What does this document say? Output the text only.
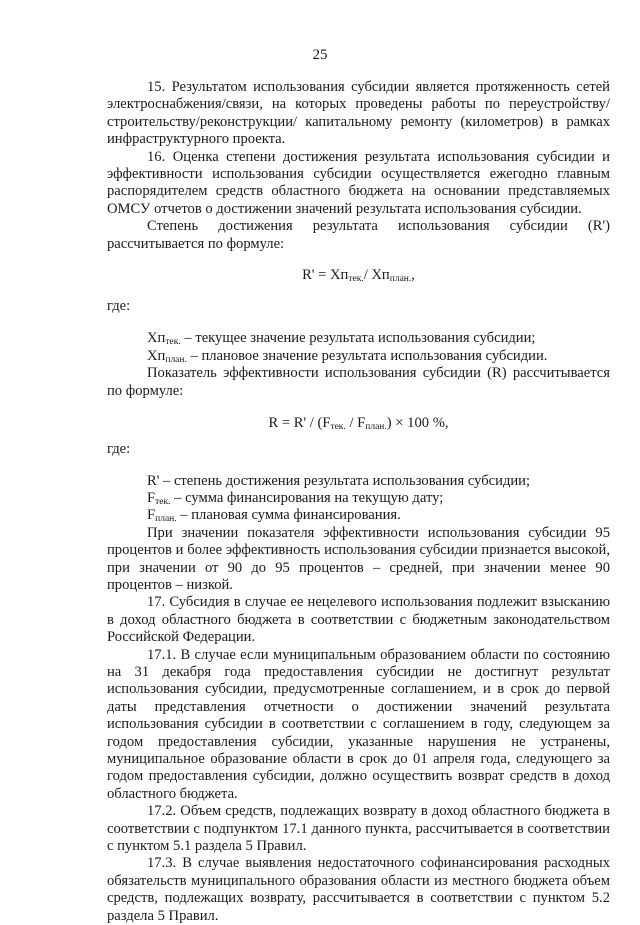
25

15. Результатом использования субсидии является протяженность сетей электроснабжения/связи, на которых проведены работы по переустройству/строительству/реконструкции/ капитальному ремонту (километров) в рамках инфраструктурного проекта.

16. Оценка степени достижения результата использования субсидии и эффективности использования субсидии осуществляется ежегодно главным распорядителем средств областного бюджета на основании представляемых ОМСУ отчетов о достижении значений результата использования субсидии.

Степень достижения результата использования субсидии (R') рассчитывается по формуле:

$R' = Xп_{тек.}/$ $Xп_{план.}$,

где:

$Xп_{тек.}$ – текущее значение результата использования субсидии;

$Xп_{план.}$ – плановое значение результата использования субсидии.

Показатель эффективности использования субсидии (R) рассчитывается по формуле:

$R = R' / (F_{тек.} / F_{план.}) \times 100$ %,

где:

R' – степень достижения результата использования субсидии;

$F_{тек.}$ – сумма финансирования на текущую дату;

$F_{план.}$ – плановая сумма финансирования.

При значении показателя эффективности использования субсидии 95 процентов и более эффективность использования субсидии признается высокой, при значении от 90 до 95 процентов – средней, при значении менее 90 процентов – низкой.

17. Субсидия в случае ее нецелевого использования подлежит взысканию в доход областного бюджета в соответствии с бюджетным законодательством Российской Федерации.

17.1. В случае если муниципальным образованием области по состоянию на 31 декабря года предоставления субсидии не достигнут результат использования субсидии, предусмотренные соглашением, и в срок до первой даты представления отчетности о достижении значений результата использования субсидии в соответствии с соглашением в году, следующем за годом предоставления субсидии, указанные нарушения не устранены, муниципальное образование области в срок до 01 апреля года, следующего за годом предоставления субсидии, должно осуществить возврат средств в доход областного бюджета.

17.2. Объем средств, подлежащих возврату в доход областного бюджета в соответствии с подпунктом 17.1 данного пункта, рассчитывается в соответствии с пунктом 5.1 раздела 5 Правил.

17.3. В случае выявления недостаточного софинансирования расходных обязательств муниципального образования области из местного бюджета объем средств, подлежащих возврату, рассчитывается в соответствии с пунктом 5.2 раздела 5 Правил.
